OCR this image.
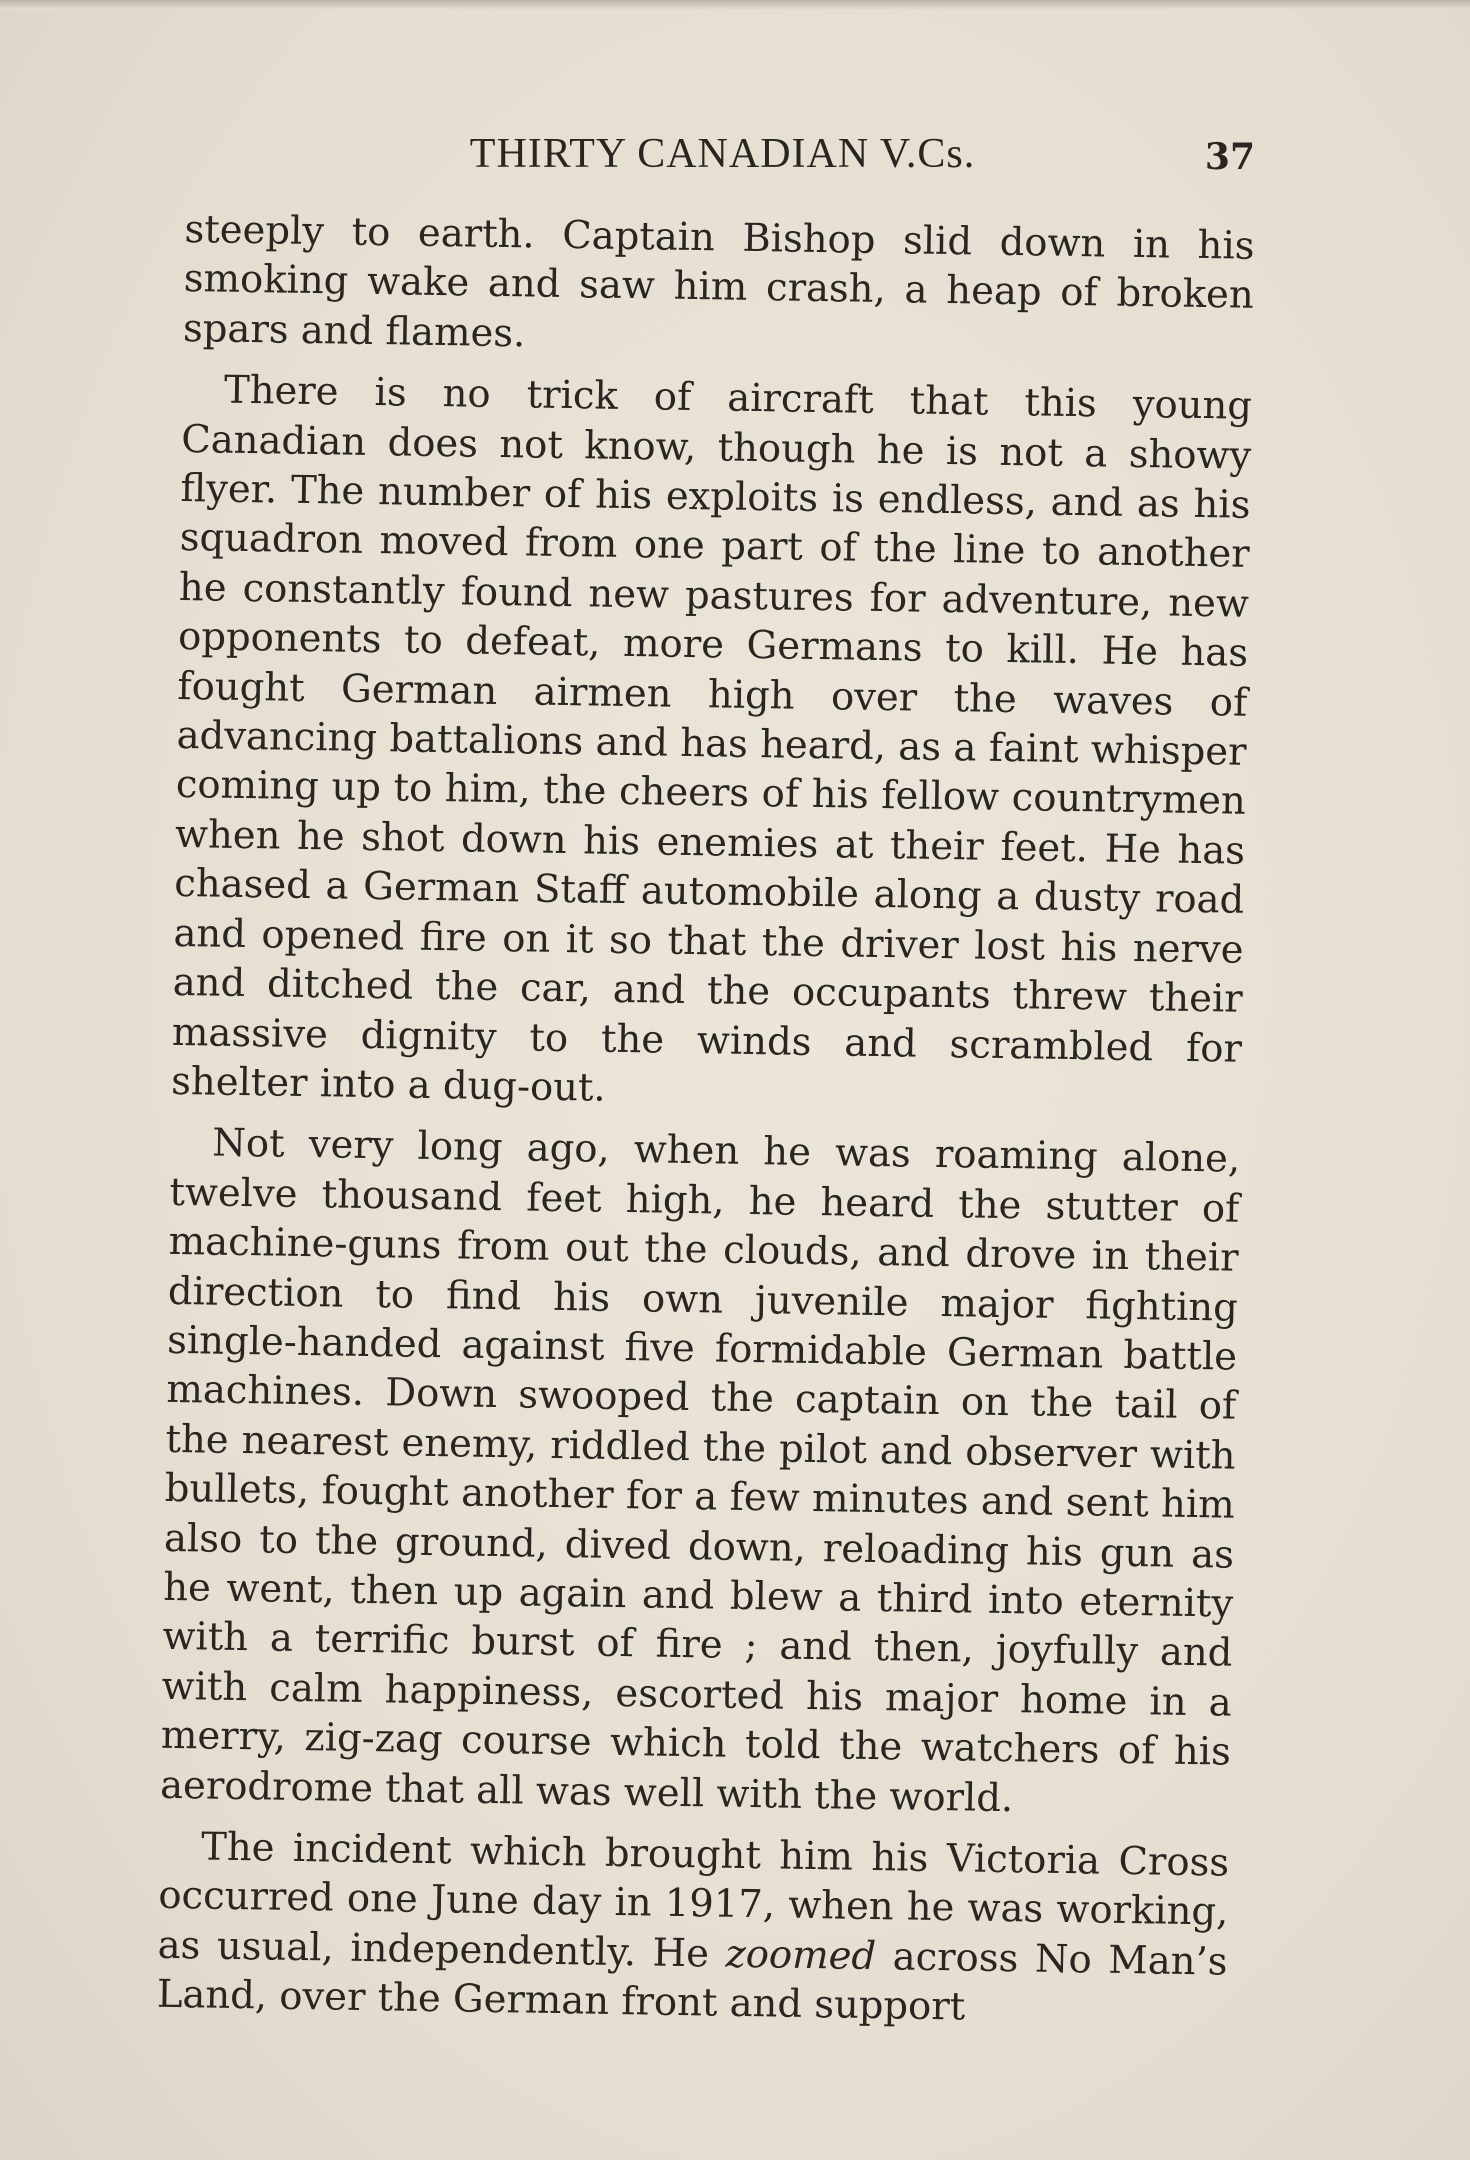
THIRTY CANADIAN V.Cs.	37

steeply to earth. Captain Bishop slid down in his smoking wake and saw him crash, a heap of broken spars and flames.

There is no trick of aircraft that this young Canadian does not know, though he is not a showy flyer. The number of his exploits is endless, and as his squadron moved from one part of the line to another he constantly found new pastures for adventure, new opponents to defeat, more Germans to kill. He has fought German airmen high over the waves of advancing battalions and has heard, as a faint whisper coming up to him, the cheers of his fellow countrymen when he shot down his enemies at their feet. He has chased a German Staff automobile along a dusty road and opened fire on it so that the driver lost his nerve and ditched the car, and the occupants threw their massive dignity to the winds and scrambled for shelter into a dug-out.

Not very long ago, when he was roaming alone, twelve thousand feet high, he heard the stutter of machine-guns from out the clouds, and drove in their direction to find his own juvenile major fighting single-handed against five formidable German battle machines. Down swooped the captain on the tail of the nearest enemy, riddled the pilot and observer with bullets, fought another for a few minutes and sent him also to the ground, dived down, reloading his gun as he went, then up again and blew a third into eternity with a terrific burst of fire ; and then, joyfully and with calm happiness, escorted his major home in a merry, zig-zag course which told the watchers of his aerodrome that all was well with the world.

The incident which brought him his Victoria Cross occurred one June day in 1917, when he was working, as usual, independently. He zoomed across No Man’s Land, over the German front and support
